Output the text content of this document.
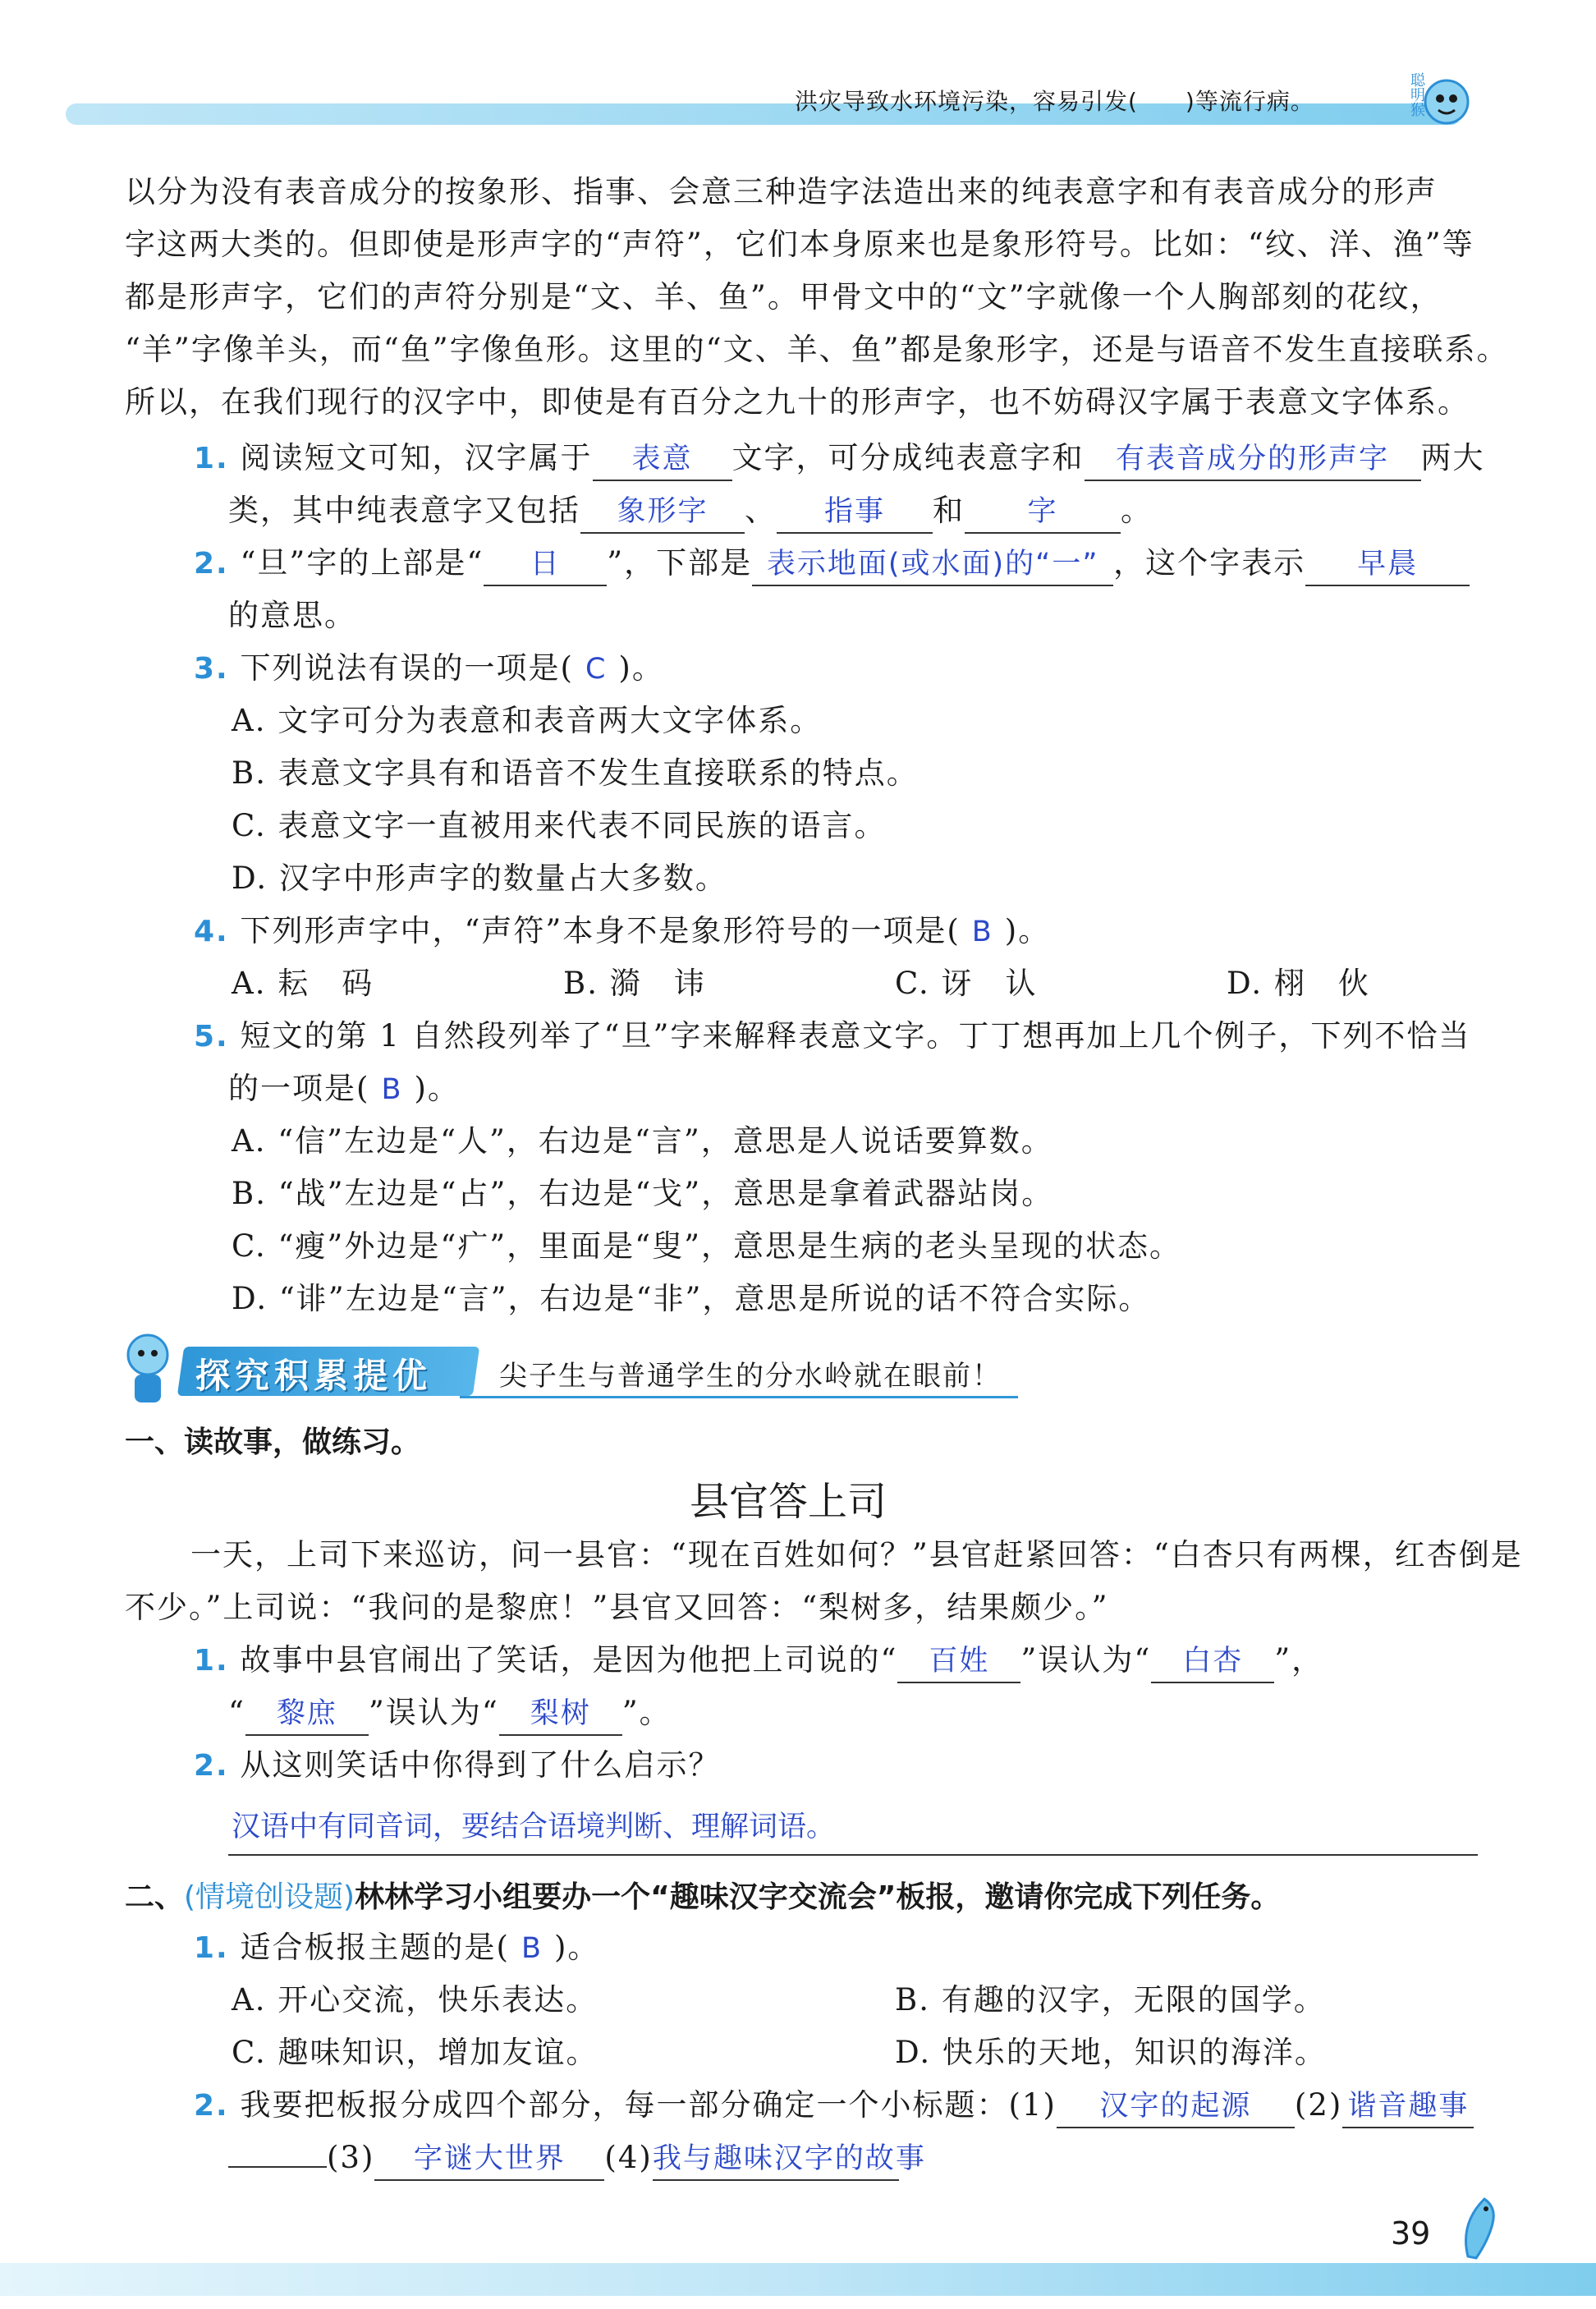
洪灾导致水环境污染，容易引发(　　)等流行病。	聪明猴
以分为没有表音成分的按象形、指事、会意三种造字法造出来的纯表意字和有表音成分的形声
字这两大类的。但即使是形声字的“声符”，它们本身原来也是象形符号。比如：“纹、洋、渔”等
都是形声字，它们的声符分别是“文、羊、鱼”。甲骨文中的“文”字就像一个人胸部刻的花纹，
“羊”字像羊头，而“鱼”字像鱼形。这里的“文、羊、鱼”都是象形字，还是与语音不发生直接联系。
所以，在我们现行的汉字中，即使是有百分之九十的形声字，也不妨碍汉字属于表意文字体系。
1. 阅读短文可知，汉字属于 表意 文字，可分成纯表意字和 有表音成分的形声字 两大
类，其中纯表意字又包括 象形字 、 指事 和 字 。
2. “旦”字的上部是“ 日 ”，下部是 表示地面(或水面)的“一” ，这个字表示 早晨
的意思。
3. 下列说法有误的一项是( C )。
A. 文字可分为表意和表音两大文字体系。
B. 表意文字具有和语音不发生直接联系的特点。
C. 表意文字一直被用来代表不同民族的语言。
D. 汉字中形声字的数量占大多数。
4. 下列形声字中，“声符”本身不是象形符号的一项是( B )。
A. 耘　码	B. 漪　讳	C. 讶　认	D. 栩　伙
5. 短文的第 1 自然段列举了“旦”字来解释表意文字。丁丁想再加上几个例子，下列不恰当
的一项是( B )。
A. “信”左边是“人”，右边是“言”，意思是人说话要算数。
B. “战”左边是“占”，右边是“戈”，意思是拿着武器站岗。
C. “瘦”外边是“疒”，里面是“叟”，意思是生病的老头呈现的状态。
D. “诽”左边是“言”，右边是“非”，意思是所说的话不符合实际。
探究积累提优 尖子生与普通学生的分水岭就在眼前！
一、读故事，做练习。
县官答上司
一天，上司下来巡访，问一县官：“现在百姓如何？”县官赶紧回答：“白杏只有两棵，红杏倒是
不少。”上司说：“我问的是黎庶！”县官又回答：“梨树多，结果颇少。”
1. 故事中县官闹出了笑话，是因为他把上司说的“ 百姓 ”误认为“ 白杏 ”，
“ 黎庶 ”误认为“ 梨树 ”。
2. 从这则笑话中你得到了什么启示？
汉语中有同音词，要结合语境判断、理解词语。
二、(情境创设题)林林学习小组要办一个“趣味汉字交流会”板报，邀请你完成下列任务。
1. 适合板报主题的是( B )。
A. 开心交流，快乐表达。	B. 有趣的汉字，无限的国学。
C. 趣味知识，增加友谊。	D. 快乐的天地，知识的海洋。
2. 我要把板报分成四个部分，每一部分确定一个小标题：(1) 汉字的起源 (2) 谐音趣事
(3) 字谜大世界 (4)我与趣味汉字的故事
39
